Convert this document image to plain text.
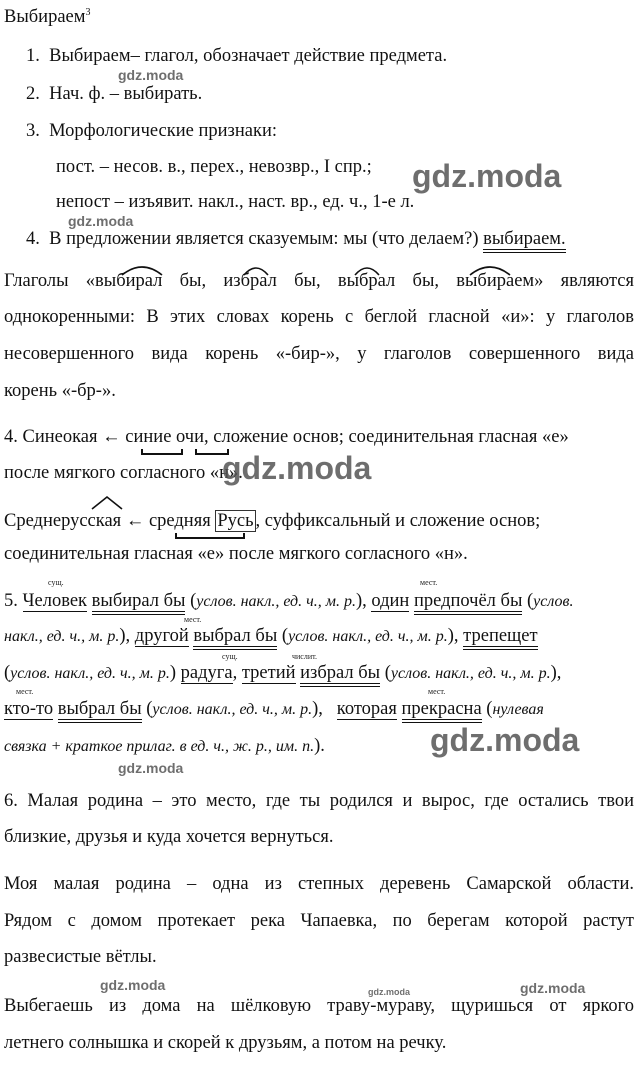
Выбираем$^3$
1. Выбираем– глагол, обозначает действие предмета.
2. Нач. ф. – выбирать.
3. Морфологические признаки:
пост. – несов. в., перех., невозвр., I спр.;
непост – изъявит. накл., наст. вр., ед. ч., 1-е л.
4. В предложении является сказуемым: мы (что делаем?) выбираем.
Глаголы «выбирал бы, избрал бы, выбрал бы, выбираем» являются
однокоренными: В этих словах корень с беглой гласной «и»: у глаголов
несовершенного вида корень «-бир-», у глаголов совершенного вида
корень «-бр-».
4. Синеокая ← синие очи, сложение основ; соединительная гласная «е»
после мягкого согласного «н».
Среднерусская ← средняя Русь , суффиксальный и сложение основ;
соединительная гласная «е» после мягкого согласного «н».
сущ.	мест.
5. Человек выбирал бы (услов. накл., ед. ч., м. р.), один предпочёл бы (услов.
мест.
накл., ед. ч., м. р.), другой выбрал бы (услов. накл., ед. ч., м. р.), трепещет
сущ.	числит.
(услов. накл., ед. ч., м. р.) радуга, третий избрал бы (услов. накл., ед. ч., м. р.),
мест.	мест.
кто-то выбрал бы (услов. накл., ед. ч., м. р.), которая прекрасна (нулевая
связка + краткое прилаг. в ед. ч., ж. р., им. п.).
6. Малая родина – это место, где ты родился и вырос, где остались твои
близкие, друзья и куда хочется вернуться.
Моя малая родина – одна из степных деревень Самарской области.
Рядом с домом протекает река Чапаевка, по берегам которой растут
развесистые вётлы.
Выбегаешь из дома на шёлковую траву-мураву, щуришься от яркого
летнего солнышка и скорей к друзьям, а потом на речку.
gdz.moda
gdz.moda
gdz.moda
gdz.moda
gdz.moda
gdz.moda
gdz.moda	gdz.moda	gdz.moda
